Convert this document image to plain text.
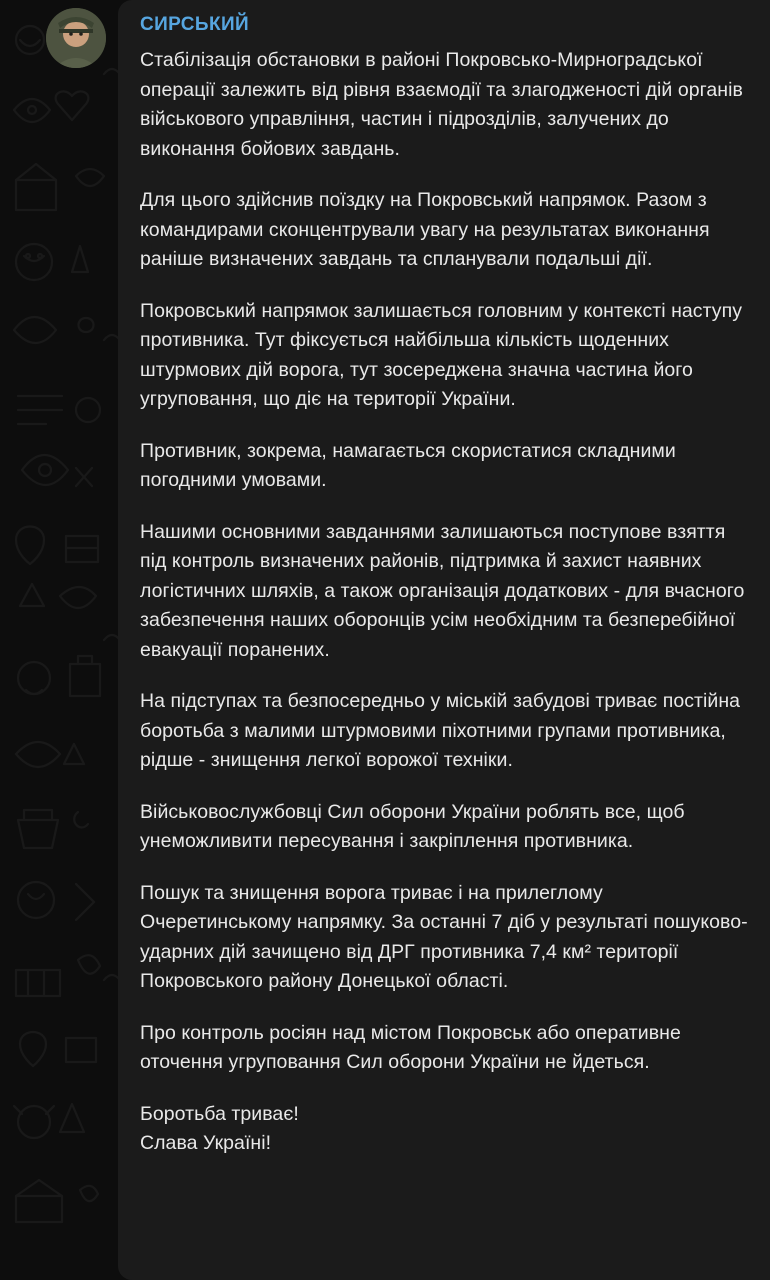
СИРСЬКИЙ

Стабілізація обстановки в районі Покровсько-Мирноградської операції залежить від рівня взаємодії та злагодженості дій органів військового управління, частин і підрозділів, залучених до виконання бойових завдань.

Для цього здійснив поїздку на Покровський напрямок. Разом з командирами сконцентрували увагу на результатах виконання раніше визначених завдань та спланували подальші дії.

Покровський напрямок залишається головним у контексті наступу противника. Тут фіксується найбільша кількість щоденних штурмових дій ворога, тут зосереджена значна частина його угруповання, що діє на території України.

Противник, зокрема, намагається скористатися складними погодними умовами.

Нашими основними завданнями залишаються поступове взяття під контроль визначених районів, підтримка й захист наявних логістичних шляхів, а також організація додаткових - для вчасного забезпечення наших оборонців усім необхідним та безперебійної евакуації поранених.

На підступах та безпосередньо у міській забудові триває постійна боротьба з малими штурмовими піхотними групами противника, рідше - знищення легкої ворожої техніки.

Військовослужбовці Сил оборони України роблять все, щоб унеможливити пересування і закріплення противника.

Пошук та знищення ворога триває і на прилеглому Очеретинському напрямку. За останні 7 діб у результаті пошуково-ударних дій зачищено від ДРГ противника 7,4 км² території Покровського району Донецької області.

Про контроль росіян над містом Покровськ або оперативне оточення угруповання Сил оборони України не йдеться.

Боротьба триває!

Слава Україні!
